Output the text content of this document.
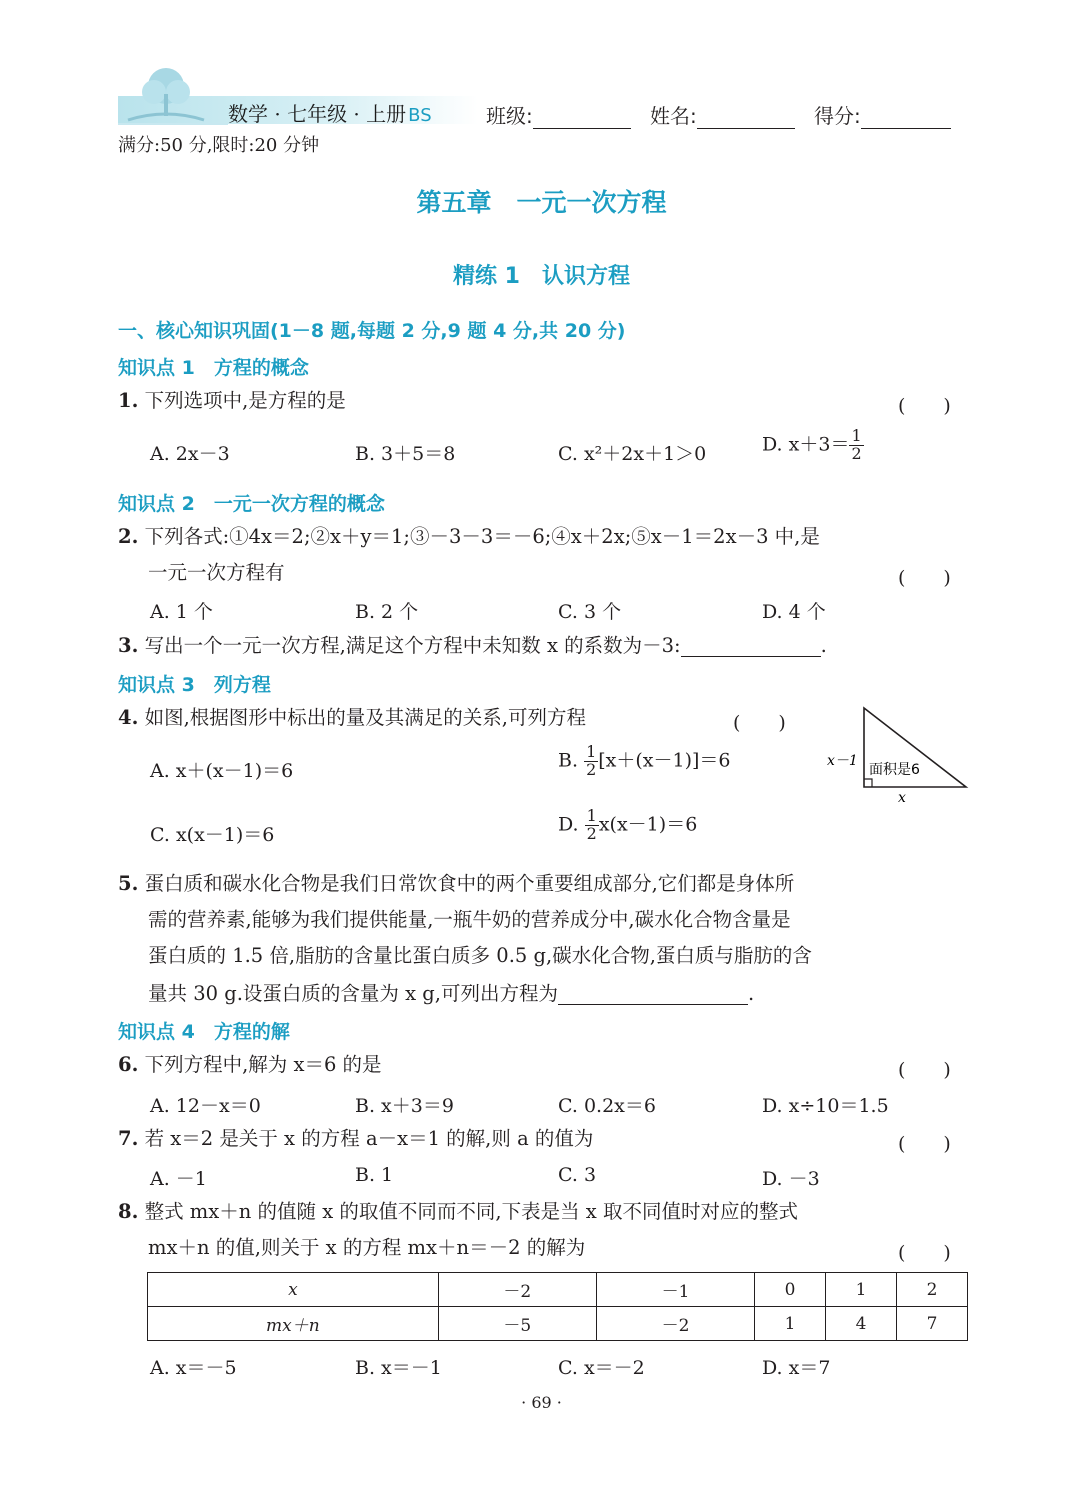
数学 · 七年级 · 上册 BS	班级:	姓名:	得分:
满分:50 分,限时:20 分钟
第五章　一元一次方程
精练 1　认识方程
一、核心知识巩固(1－8 题,每题 2 分,9 题 4 分,共 20 分)
知识点 1　方程的概念
1. 下列选项中,是方程的是	(　　)
A. 2x－3	B. 3＋5＝8	C. x²＋2x＋1＞0	D. $x+3= \frac{1}{2}$
知识点 2　一元一次方程的概念
2. 下列各式:①4x＝2;②x＋y＝1;③－3－3＝－6;④x＋2x;⑤x－1＝2x－3 中,是
一元一次方程有	(　　)
A. 1 个	B. 2 个	C. 3 个	D. 4 个
3. 写出一个一元一次方程,满足这个方程中未知数 x 的系数为－3:	.
知识点 3　列方程
4. 如图,根据图形中标出的量及其满足的关系,可列方程	(　　)
A. x＋(x－1)＝6	B. $\frac{1}{2} [x+(x-1)]=6$
C. x(x－1)＝6	D. $\frac{1}{2} x(x-1)=6$
x－1
x
面积是6
5. 蛋白质和碳水化合物是我们日常饮食中的两个重要组成部分,它们都是身体所
需的营养素,能够为我们提供能量,一瓶牛奶的营养成分中,碳水化合物含量是
蛋白质的 1.5 倍,脂肪的含量比蛋白质多 0.5 g,碳水化合物,蛋白质与脂肪的含
量共 30 g.设蛋白质的含量为 x g,可列出方程为	.
知识点 4　方程的解
6. 下列方程中,解为 x＝6 的是	(　　)
A. 12－x＝0	B. x＋3＝9	C. 0.2x＝6	D. x÷10＝1.5
7. 若 x＝2 是关于 x 的方程 a－x＝1 的解,则 a 的值为	(　　)
A. －1	B. 1	C. 3	D. －3
8. 整式 mx＋n 的值随 x 的取值不同而不同,下表是当 x 取不同值时对应的整式
mx＋n 的值,则关于 x 的方程 mx＋n＝－2 的解为	(　　)
x	－2	－1	0	1	2
mx＋n	－5	－2	1	4	7
A. x＝－5	B. x＝－1	C. x＝－2	D. x＝7
· 69 ·
